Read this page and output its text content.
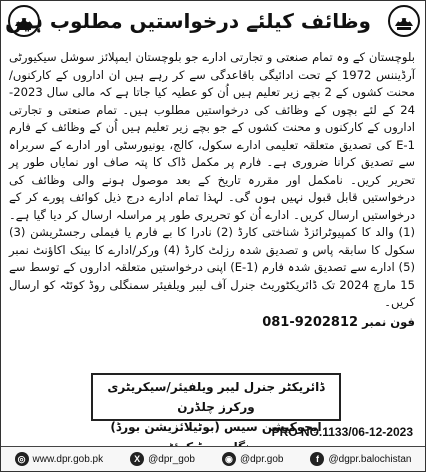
وظائف کیلئے درخواستیں مطلوب ہیں

بلوچستان کے وہ تمام صنعتی و تجارتی ادارے جو بلوچستان ایمپلائز سوشل سیکیورٹی آرڈیننس 1972 کے تحت ادائیگی باقاعدگی سے کر رہے ہیں ان اداروں کے کارکنوں/محنت کشوں کے 2 بچے زیر تعلیم ہیں اُن کو عطیہ کیا جاتا ہے کہ مالی سال 2023-24 کے لئے بچوں کے وظائف کی درخواستیں مطلوب ہیں۔ تمام صنعتی و تجارتی اداروں کے کارکنوں و محنت کشوں کے جو بچے زیر تعلیم ہیں اُن کے وظائف کے فارم E-1 کی تصدیق متعلقہ تعلیمی ادارے سکول، کالج، یونیورسٹی اور ادارے کے سربراہ سے تصدیق کرانا ضروری ہے۔ فارم پر مکمل ڈاک کا پتہ صاف اور نمایاں طور پر تحریر کریں۔ نامکمل اور مقررہ تاریخ کے بعد موصول ہونے والی وظائف کی درخواستیں قابل قبول نہیں ہوں گی۔ لہذا تمام ادارے درج ذیل کوائف پورے کر کے درخواستیں ارسال کریں۔ ادارے اُن کو تحریری طور پر مراسلہ ارسال کر دیا گیا ہے۔ (1) والد کا کمپیوٹرائزڈ شناختی کارڈ (2) نادرا کا بے فارم یا فیملی رجسٹریشن (3) سکول کا سابقہ پاس و تصدیق شدہ رزلٹ کارڈ (4) ورکر/ادارے کا بینک اکاؤنٹ نمبر (5) ادارے سے تصدیق شدہ فارم (E-1) اپنی درخواستیں متعلقہ اداروں کے توسط سے 15 مارچ 2024 تک ڈائریکٹوریٹ جنرل آف لیبر ویلفیئر سمنگلی روڈ کوئٹہ کو ارسال کریں۔

فون نمبر 081-9202812

ڈائریکٹر جنرل لیبر ویلفیئر/سیکریٹری ورکرز چلڈرن
ایجوکیشن سیس (بوٹیلائزیشن بورڈ)	PRO NO.1133/06-12-2023
◎ www.dpr.gob.pk	X @dpr_gob	◉ @dpr.gob	f @dgpr.balochistan
